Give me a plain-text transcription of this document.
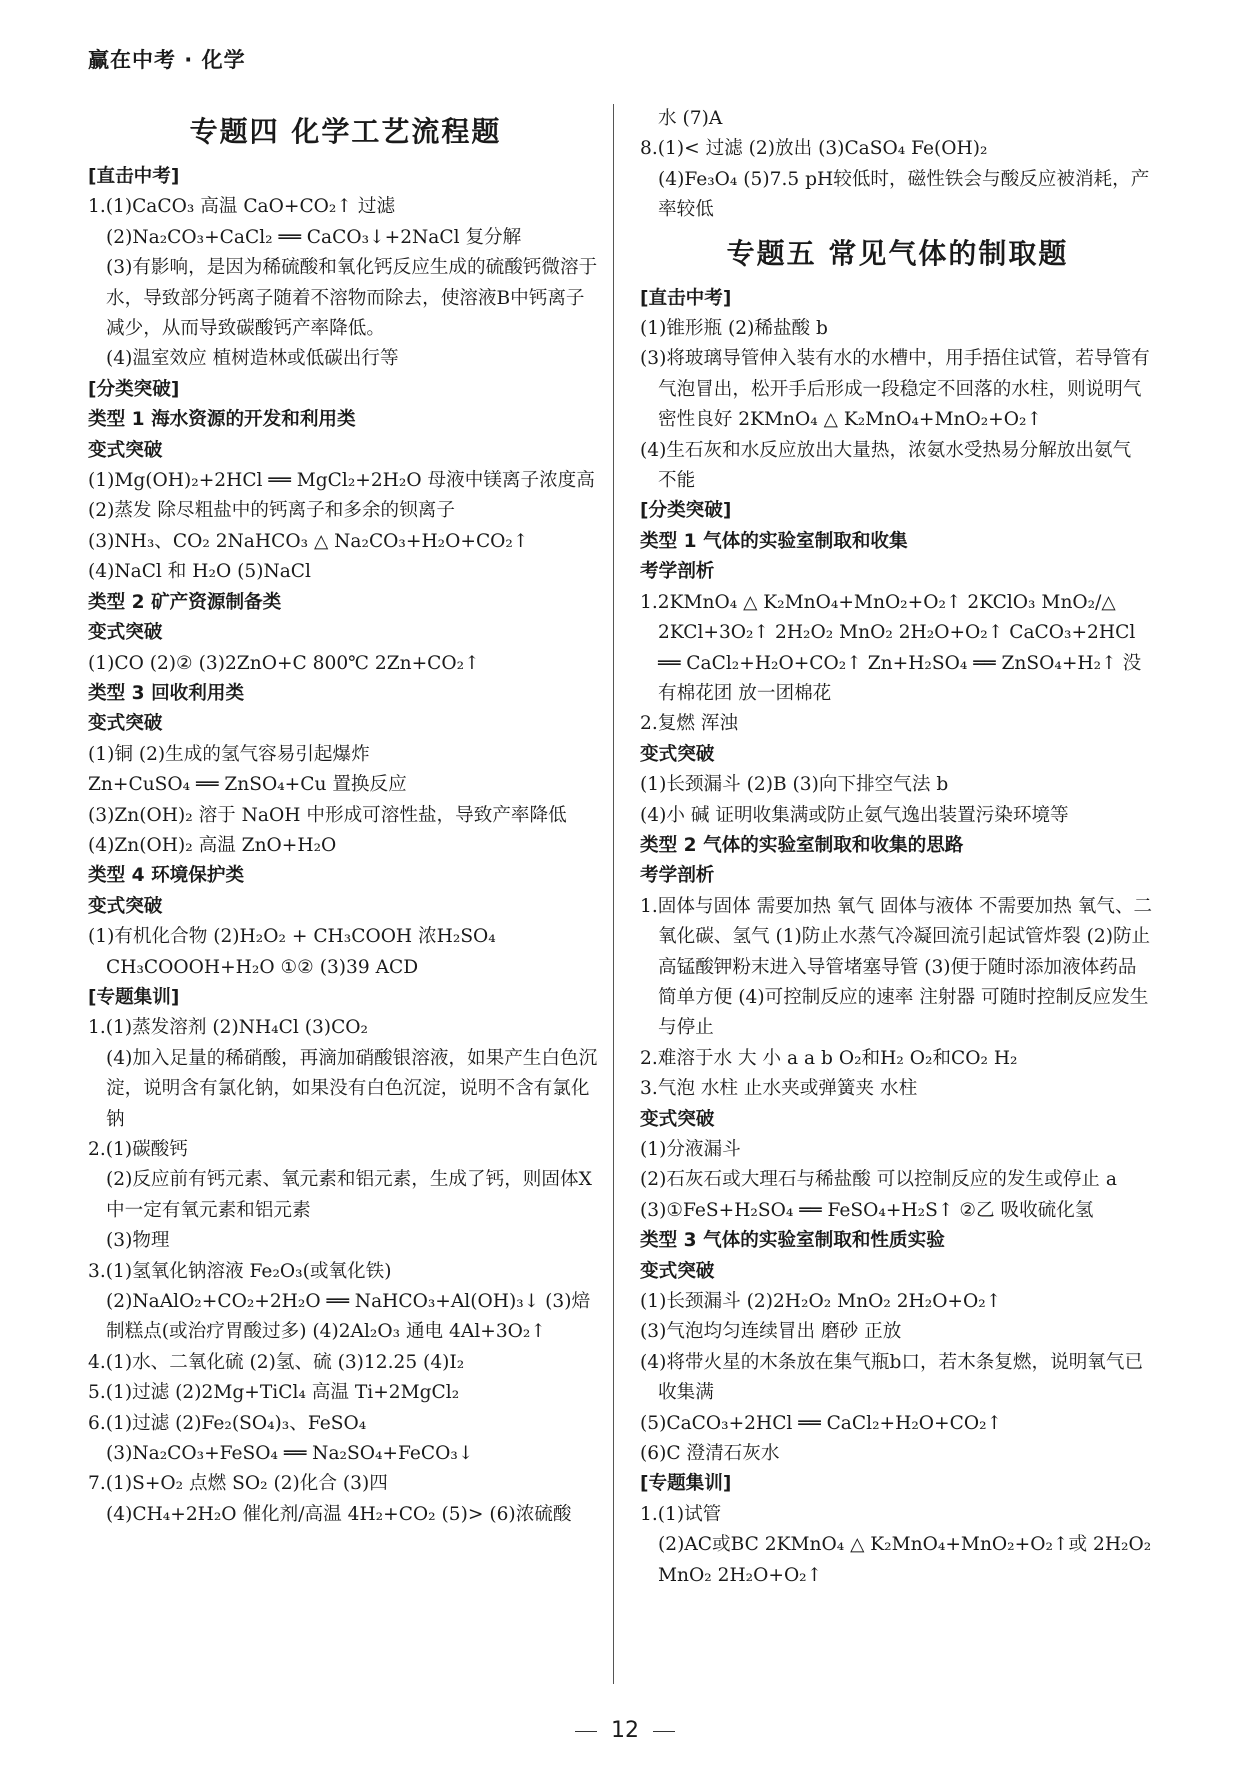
赢在中考 · 化学
专题四 化学工艺流程题
[直击中考]
1.(1)CaCO₃ 高温 CaO+CO₂↑ 过滤
(2)Na₂CO₃+CaCl₂ ══ CaCO₃↓+2NaCl 复分解
(3)有影响，是因为稀硫酸和氧化钙反应生成的硫酸钙微溶于水，导致部分钙离子随着不溶物而除去，使溶液B中钙离子减少，从而导致碳酸钙产率降低。
(4)温室效应 植树造林或低碳出行等
[分类突破]
类型 1 海水资源的开发和利用类
变式突破
(1)Mg(OH)₂+2HCl ══ MgCl₂+2H₂O 母液中镁离子浓度高
(2)蒸发 除尽粗盐中的钙离子和多余的钡离子
(3)NH₃、CO₂ 2NaHCO₃ △ Na₂CO₃+H₂O+CO₂↑
(4)NaCl 和 H₂O (5)NaCl
类型 2 矿产资源制备类
变式突破
(1)CO (2)② (3)2ZnO+C 800℃ 2Zn+CO₂↑
类型 3 回收利用类
变式突破
(1)铜 (2)生成的氢气容易引起爆炸
Zn+CuSO₄ ══ ZnSO₄+Cu 置换反应
(3)Zn(OH)₂ 溶于 NaOH 中形成可溶性盐，导致产率降低
(4)Zn(OH)₂ 高温 ZnO+H₂O
类型 4 环境保护类
变式突破
(1)有机化合物 (2)H₂O₂ + CH₃COOH 浓H₂SO₄ CH₃COOOH+H₂O ①② (3)39 ACD
[专题集训]
1.(1)蒸发溶剂 (2)NH₄Cl (3)CO₂
(4)加入足量的稀硝酸，再滴加硝酸银溶液，如果产生白色沉淀，说明含有氯化钠，如果没有白色沉淀，说明不含有氯化钠
2.(1)碳酸钙
(2)反应前有钙元素、氧元素和铝元素，生成了钙，则固体X中一定有氧元素和铝元素
(3)物理
3.(1)氢氧化钠溶液 Fe₂O₃(或氧化铁) (2)NaAlO₂+CO₂+2H₂O ══ NaHCO₃+Al(OH)₃↓ (3)焙制糕点(或治疗胃酸过多) (4)2Al₂O₃ 通电 4Al+3O₂↑
4.(1)水、二氧化硫 (2)氢、硫 (3)12.25 (4)I₂
5.(1)过滤 (2)2Mg+TiCl₄ 高温 Ti+2MgCl₂
6.(1)过滤 (2)Fe₂(SO₄)₃、FeSO₄
(3)Na₂CO₃+FeSO₄ ══ Na₂SO₄+FeCO₃↓
7.(1)S+O₂ 点燃 SO₂ (2)化合 (3)四
(4)CH₄+2H₂O 催化剂/高温 4H₂+CO₂ (5)> (6)浓硫酸
水 (7)A
8.(1)< 过滤 (2)放出 (3)CaSO₄ Fe(OH)₂
(4)Fe₃O₄ (5)7.5 pH较低时，磁性铁会与酸反应被消耗，产率较低
专题五 常见气体的制取题
[直击中考]
(1)锥形瓶 (2)稀盐酸 b
(3)将玻璃导管伸入装有水的水槽中，用手捂住试管，若导管有气泡冒出，松开手后形成一段稳定不回落的水柱，则说明气密性良好 2KMnO₄ △ K₂MnO₄+MnO₂+O₂↑
(4)生石灰和水反应放出大量热，浓氨水受热易分解放出氨气 不能
[分类突破]
类型 1 气体的实验室制取和收集
考学剖析
1.2KMnO₄ △ K₂MnO₄+MnO₂+O₂↑ 2KClO₃ MnO₂/△ 2KCl+3O₂↑ 2H₂O₂ MnO₂ 2H₂O+O₂↑ CaCO₃+2HCl ══ CaCl₂+H₂O+CO₂↑ Zn+H₂SO₄ ══ ZnSO₄+H₂↑ 没有棉花团 放一团棉花
2.复燃 浑浊
变式突破
(1)长颈漏斗 (2)B (3)向下排空气法 b
(4)小 碱 证明收集满或防止氨气逸出装置污染环境等
类型 2 气体的实验室制取和收集的思路
考学剖析
1.固体与固体 需要加热 氧气 固体与液体 不需要加热 氧气、二氧化碳、氢气 (1)防止水蒸气冷凝回流引起试管炸裂 (2)防止高锰酸钾粉末进入导管堵塞导管 (3)便于随时添加液体药品 简单方便 (4)可控制反应的速率 注射器 可随时控制反应发生与停止
2.难溶于水 大 小 a a b O₂和H₂ O₂和CO₂ H₂
3.气泡 水柱 止水夹或弹簧夹 水柱
变式突破
(1)分液漏斗
(2)石灰石或大理石与稀盐酸 可以控制反应的发生或停止 a
(3)①FeS+H₂SO₄ ══ FeSO₄+H₂S↑ ②乙 吸收硫化氢
类型 3 气体的实验室制取和性质实验
变式突破
(1)长颈漏斗 (2)2H₂O₂ MnO₂ 2H₂O+O₂↑
(3)气泡均匀连续冒出 磨砂 正放
(4)将带火星的木条放在集气瓶b口，若木条复燃，说明氧气已收集满
(5)CaCO₃+2HCl ══ CaCl₂+H₂O+CO₂↑
(6)C 澄清石灰水
[专题集训]
1.(1)试管
(2)AC或BC 2KMnO₄ △ K₂MnO₄+MnO₂+O₂↑或 2H₂O₂ MnO₂ 2H₂O+O₂↑
12
